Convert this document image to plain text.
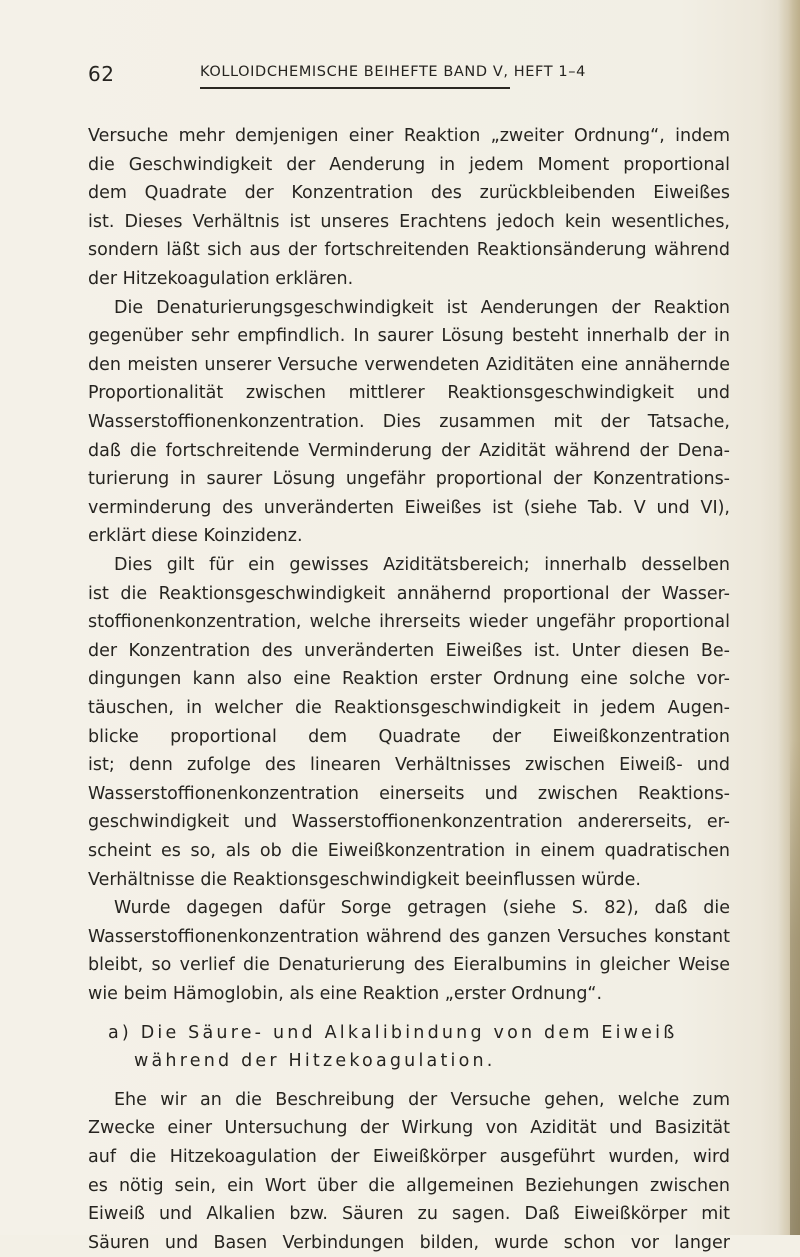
62	KOLLOIDCHEMISCHE BEIHEFTE BAND V, HEFT 1–4
Versuche mehr demjenigen einer Reaktion „zweiter Ordnung“, indem
die Geschwindigkeit der Aenderung in jedem Moment proportional
dem Quadrate der Konzentration des zurückbleibenden Eiweißes
ist. Dieses Verhältnis ist unseres Erachtens jedoch kein wesentliches,
sondern läßt sich aus der fortschreitenden Reaktionsänderung während
der Hitzekoagulation erklären.
Die Denaturierungsgeschwindigkeit ist Aenderungen der Reaktion
gegenüber sehr empfindlich. In saurer Lösung besteht innerhalb der in
den meisten unserer Versuche verwendeten Aziditäten eine annähernde
Proportionalität zwischen mittlerer Reaktionsgeschwindigkeit und
Wasserstoffionenkonzentration. Dies zusammen mit der Tatsache,
daß die fortschreitende Verminderung der Azidität während der Dena-
turierung in saurer Lösung ungefähr proportional der Konzentrations-
verminderung des unveränderten Eiweißes ist (siehe Tab. V und VI),
erklärt diese Koinzidenz.
Dies gilt für ein gewisses Aziditätsbereich; innerhalb desselben
ist die Reaktionsgeschwindigkeit annähernd proportional der Wasser-
stoffionenkonzentration, welche ihrerseits wieder ungefähr proportional
der Konzentration des unveränderten Eiweißes ist. Unter diesen Be-
dingungen kann also eine Reaktion erster Ordnung eine solche vor-
täuschen, in welcher die Reaktionsgeschwindigkeit in jedem Augen-
blicke proportional dem Quadrate der Eiweißkonzentration
ist; denn zufolge des linearen Verhältnisses zwischen Eiweiß- und
Wasserstoffionenkonzentration einerseits und zwischen Reaktions-
geschwindigkeit und Wasserstoffionenkonzentration andererseits, er-
scheint es so, als ob die Eiweißkonzentration in einem quadratischen
Verhältnisse die Reaktionsgeschwindigkeit beeinflussen würde.
Wurde dagegen dafür Sorge getragen (siehe S. 82), daß die
Wasserstoffionenkonzentration während des ganzen Versuches konstant
bleibt, so verlief die Denaturierung des Eieralbumins in gleicher Weise
wie beim Hämoglobin, als eine Reaktion „erster Ordnung“.
a) Die Säure- und Alkalibindung von dem Eiweiß
während der Hitzekoagulation.
Ehe wir an die Beschreibung der Versuche gehen, welche zum
Zwecke einer Untersuchung der Wirkung von Azidität und Basizität
auf die Hitzekoagulation der Eiweißkörper ausgeführt wurden, wird
es nötig sein, ein Wort über die allgemeinen Beziehungen zwischen
Eiweiß und Alkalien bzw. Säuren zu sagen. Daß Eiweißkörper mit
Säuren und Basen Verbindungen bilden, wurde schon vor langer
